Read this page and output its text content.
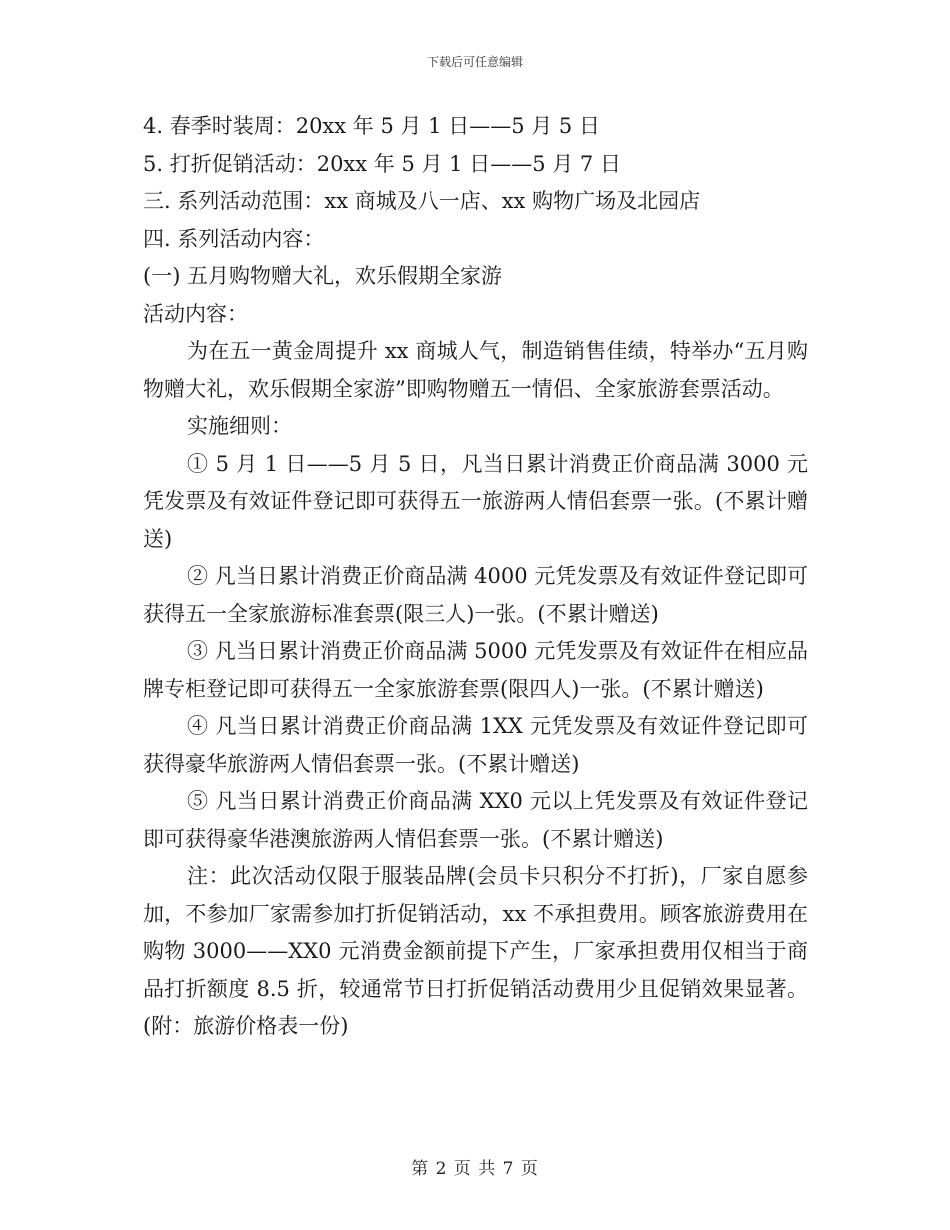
下载后可任意编辑

4. 春季时装周：20xx 年 5 月 1 日——5 月 5 日

5. 打折促销活动：20xx 年 5 月 1 日——5 月 7 日

三. 系列活动范围：xx 商城及八一店、xx 购物广场及北园店

四. 系列活动内容：

(一) 五月购物赠大礼，欢乐假期全家游

活动内容：

为在五一黄金周提升 xx 商城人气，制造销售佳绩，特举办“五月购物赠大礼，欢乐假期全家游”即购物赠五一情侣、全家旅游套票活动。

实施细则：

① 5 月 1 日——5 月 5 日，凡当日累计消费正价商品满 3000 元凭发票及有效证件登记即可获得五一旅游两人情侣套票一张。(不累计赠送)

② 凡当日累计消费正价商品满 4000 元凭发票及有效证件登记即可获得五一全家旅游标准套票(限三人)一张。(不累计赠送)

③ 凡当日累计消费正价商品满 5000 元凭发票及有效证件在相应品牌专柜登记即可获得五一全家旅游套票(限四人)一张。(不累计赠送)

④ 凡当日累计消费正价商品满 1XX 元凭发票及有效证件登记即可获得豪华旅游两人情侣套票一张。(不累计赠送)

⑤ 凡当日累计消费正价商品满 XX0 元以上凭发票及有效证件登记即可获得豪华港澳旅游两人情侣套票一张。(不累计赠送)

注：此次活动仅限于服装品牌(会员卡只积分不打折)，厂家自愿参加，不参加厂家需参加打折促销活动，xx 不承担费用。顾客旅游费用在购物 3000——XX0 元消费金额前提下产生，厂家承担费用仅相当于商品打折额度 8.5 折，较通常节日打折促销活动费用少且促销效果显著。(附：旅游价格表一份)

第 2 页 共 7 页
